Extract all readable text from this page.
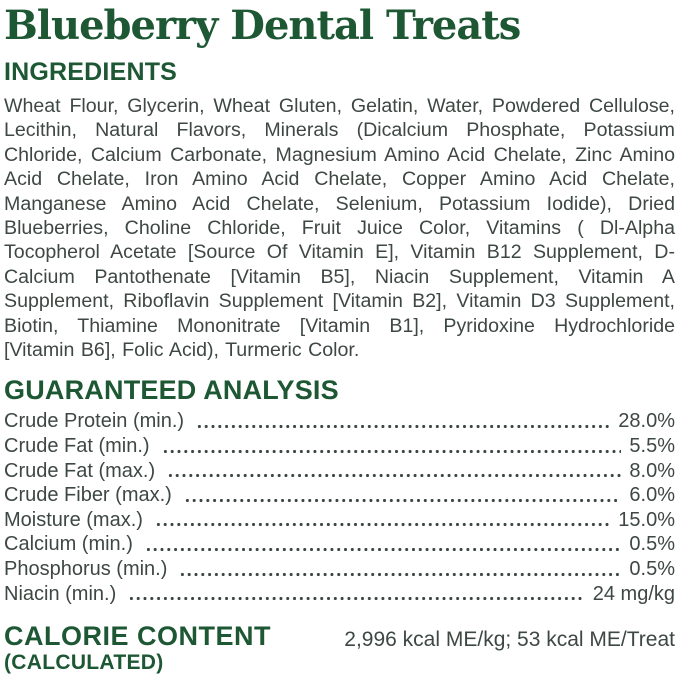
Blueberry Dental Treats
INGREDIENTS

Wheat Flour, Glycerin, Wheat Gluten, Gelatin, Water, Powdered Cellulose, Lecithin, Natural Flavors, Minerals (Dicalcium Phosphate, Potassium Chloride, Calcium Carbonate, Magnesium Amino Acid Chelate, Zinc Amino Acid Chelate, Iron Amino Acid Chelate, Copper Amino Acid Chelate, Manganese Amino Acid Chelate, Selenium, Potassium Iodide), Dried Blueberries, Choline Chloride, Fruit Juice Color, Vitamins ( Dl-Alpha Tocopherol Acetate [Source Of Vitamin E], Vitamin B12 Supplement, D-Calcium Pantothenate [Vitamin B5], Niacin Supplement, Vitamin A Supplement, Riboflavin Supplement [Vitamin B2], Vitamin D3 Supplement, Biotin, Thiamine Mononitrate [Vitamin B1], Pyridoxine Hydrochloride [Vitamin B6], Folic Acid), Turmeric Color.

GUARANTEED ANALYSIS
Crude Protein (min.)	28.0%
Crude Fat (min.)	5.5%
Crude Fat (max.)	8.0%
Crude Fiber (max.)	6.0%
Moisture (max.)	15.0%
Calcium (min.)	0.5%
Phosphorus (min.)	0.5%
Niacin (min.)	24 mg/kg
CALORIE CONTENT
(CALCULATED)
2,996 kcal ME/kg; 53 kcal ME/Treat
